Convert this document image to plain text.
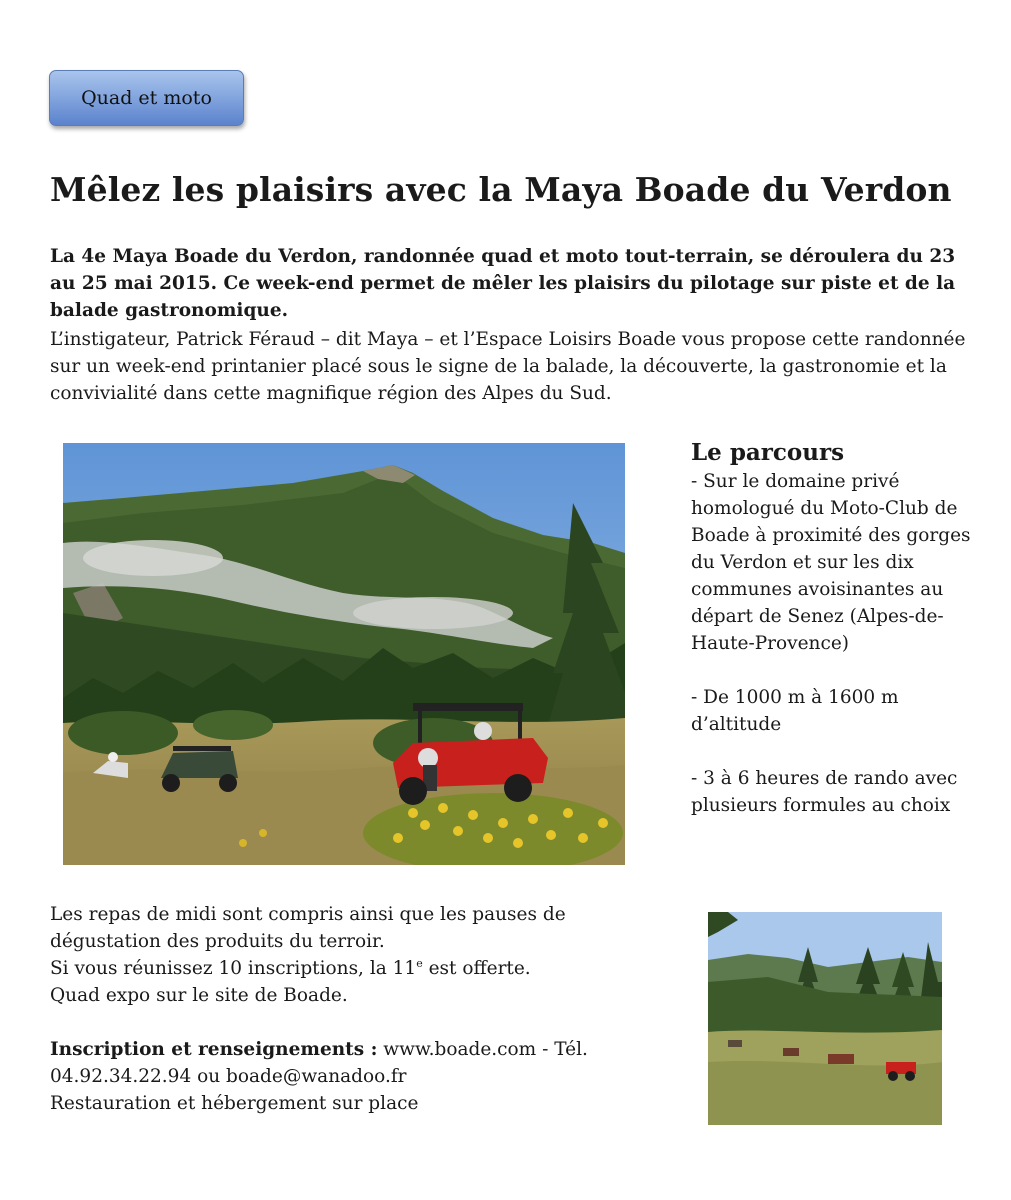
Quad et moto
Mêlez les plaisirs avec la Maya Boade du Verdon

La 4e Maya Boade du Verdon, randonnée quad et moto tout-terrain, se déroulera du 23 au 25 mai 2015. Ce week-end permet de mêler les plaisirs du pilotage sur piste et de la balade gastronomique.

L’instigateur, Patrick Féraud – dit Maya – et l’Espace Loisirs Boade vous propose cette randonnée sur un week-end printanier placé sous le signe de la balade, la découverte, la gastronomie et la convivialité dans cette magnifique région des Alpes du Sud.

Le parcours

- Sur le domaine privé homologué du Moto-Club de Boade à proximité des gorges du Verdon et sur les dix communes avoisinantes au départ de Senez (Alpes-de-Haute-Provence)

- De 1000 m à 1600 m d’altitude

- 3 à 6 heures de rando avec plusieurs formules au choix

Les repas de midi sont compris ainsi que les pauses de dégustation des produits du terroir.

Si vous réunissez 10 inscriptions, la 11e est offerte.

Quad expo sur le site de Boade.

Inscription et renseignements : www.boade.com - Tél. 04.92.34.22.94 ou boade@wanadoo.fr

Restauration et hébergement sur place
